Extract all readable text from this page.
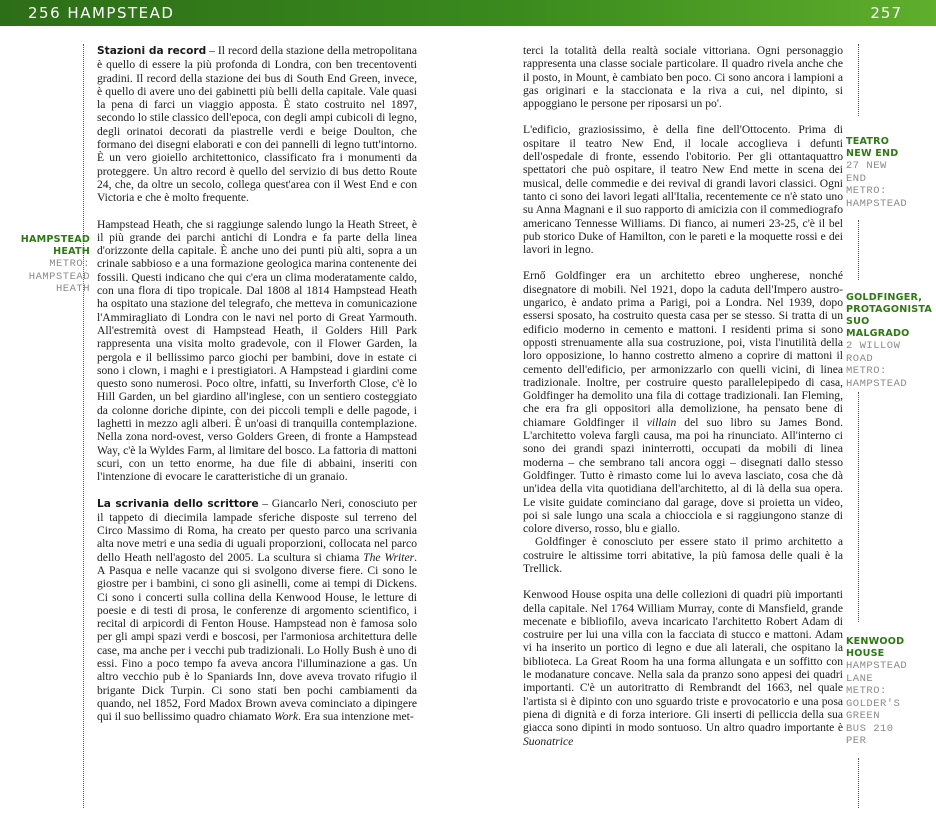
256 HAMPSTEAD	257
HAMPSTEAD
HEATH
METRO:
HAMPSTEAD
HEATH

Stazioni da record – Il record della stazione della metropolitana è quello di essere la più profonda di Londra, con ben trecentoventi gradini. Il record della stazione dei bus di South End Green, invece, è quello di avere uno dei gabinetti più belli della capitale. Vale quasi la pena di farci un viaggio apposta. È stato costruito nel 1897, secondo lo stile classico dell'epoca, con degli ampi cubicoli di legno, degli orinatoi decorati da piastrelle verdi e beige Doulton, che formano dei disegni elaborati e con dei pannelli di legno tutt'intorno. È un vero gioiello architettonico, classificato fra i monumenti da proteggere. Un altro record è quello del servizio di bus detto Route 24, che, da oltre un secolo, collega quest'area con il West End e con Victoria e che è molto frequente.

Hampstead Heath, che si raggiunge salendo lungo la Heath Street, è il più grande dei parchi antichi di Londra e fa parte della linea d'orizzonte della capitale. È anche uno dei punti più alti, sopra a un crinale sabbioso e a una formazione geologica marina contenente dei fossili. Questi indicano che qui c'era un clima moderatamente caldo, con una flora di tipo tropicale. Dal 1808 al 1814 Hampstead Heath ha ospitato una stazione del telegrafo, che metteva in comunicazione l'Ammiragliato di Londra con le navi nel porto di Great Yarmouth. All'estremità ovest di Hampstead Heath, il Golders Hill Park rappresenta una visita molto gradevole, con il Flower Garden, la pergola e il bellissimo parco giochi per bambini, dove in estate ci sono i clown, i maghi e i prestigiatori. A Hampstead i giardini come questo sono numerosi. Poco oltre, infatti, su Inverforth Close, c'è lo Hill Garden, un bel giardino all'inglese, con un sentiero costeggiato da colonne doriche dipinte, con dei piccoli templi e delle pagode, i laghetti in mezzo agli alberi. È un'oasi di tranquilla contemplazione. Nella zona nord-ovest, verso Golders Green, di fronte a Hampstead Way, c'è la Wyldes Farm, al limitare del bosco. La fattoria di mattoni scuri, con un tetto enorme, ha due file di abbaini, inseriti con l'intenzione di evocare le caratteristiche di un granaio.

La scrivania dello scrittore – Giancarlo Neri, conosciuto per il tappeto di diecimila lampade sferiche disposte sul terreno del Circo Massimo di Roma, ha creato per questo parco una scrivania alta nove metri e una sedia di uguali proporzioni, collocata nel parco dello Heath nell'agosto del 2005. La scultura si chiama The Writer. A Pasqua e nelle vacanze qui si svolgono diverse fiere. Ci sono le giostre per i bambini, ci sono gli asinelli, come ai tempi di Dickens. Ci sono i concerti sulla collina della Kenwood House, le letture di poesie e di testi di prosa, le conferenze di argomento scientifico, i recital di arpicordi di Fenton House. Hampstead non è famosa solo per gli ampi spazi verdi e boscosi, per l'armoniosa architettura delle case, ma anche per i vecchi pub tradizionali. Lo Holly Bush è uno di essi. Fino a poco tempo fa aveva ancora l'illuminazione a gas. Un altro vecchio pub è lo Spaniards Inn, dove aveva trovato rifugio il brigante Dick Turpin. Ci sono stati ben pochi cambiamenti da quando, nel 1852, Ford Madox Brown aveva cominciato a dipingere qui il suo bellissimo quadro chiamato Work. Era sua intenzione met-

terci la totalità della realtà sociale vittoriana. Ogni personaggio rappresenta una classe sociale particolare. Il quadro rivela anche che il posto, in Mount, è cambiato ben poco. Ci sono ancora i lampioni a gas originari e la staccionata e la riva a cui, nel dipinto, si appoggiano le persone per riposarsi un po'.

L'edificio, graziosissimo, è della fine dell'Ottocento. Prima di ospitare il teatro New End, il locale accoglieva i defunti dell'ospedale di fronte, essendo l'obitorio. Per gli ottantaquattro spettatori che può ospitare, il teatro New End mette in scena dei musical, delle commedie e dei revival di grandi lavori classici. Ogni tanto ci sono dei lavori legati all'Italia, recentemente ce n'è stato uno su Anna Magnani e il suo rapporto di amicizia con il commediografo americano Tennesse Williams. Di fianco, ai numeri 23-25, c'è il bel pub storico Duke of Hamilton, con le pareti e la moquette rossi e dei lavori in legno.

Ernő Goldfinger era un architetto ebreo ungherese, nonché disegnatore di mobili. Nel 1921, dopo la caduta dell'Impero austro-ungarico, è andato prima a Parigi, poi a Londra. Nel 1939, dopo essersi sposato, ha costruito questa casa per se stesso. Si tratta di un edificio moderno in cemento e mattoni. I residenti prima si sono opposti strenuamente alla sua costruzione, poi, vista l'inutilità della loro opposizione, lo hanno costretto almeno a coprire di mattoni il cemento dell'edificio, per armonizzarlo con quelli vicini, di linea tradizionale. Inoltre, per costruire questo parallelepipedo di casa, Goldfinger ha demolito una fila di cottage tradizionali. Ian Fleming, che era fra gli oppositori alla demolizione, ha pensato bene di chiamare Goldfinger il villain del suo libro su James Bond. L'architetto voleva fargli causa, ma poi ha rinunciato. All'interno ci sono dei grandi spazi ininterrotti, occupati da mobili di linea moderna – che sembrano tali ancora oggi – disegnati dallo stesso Goldfinger. Tutto è rimasto come lui lo aveva lasciato, cosa che dà un'idea della vita quotidiana dell'architetto, al di là della sua opera. Le visite guidate cominciano dal garage, dove si proietta un video, poi si sale lungo una scala a chiocciola e si raggiungono stanze di colore diverso, rosso, blu e giallo.

Goldfinger è conosciuto per essere stato il primo architetto a costruire le altissime torri abitative, la più famosa delle quali è la Trellick.

Kenwood House ospita una delle collezioni di quadri più importanti della capitale. Nel 1764 William Murray, conte di Mansfield, grande mecenate e bibliofilo, aveva incaricato l'architetto Robert Adam di costruire per lui una villa con la facciata di stucco e mattoni. Adam vi ha inserito un portico di legno e due ali laterali, che ospitano la biblioteca. La Great Room ha una forma allungata e un soffitto con le modanature concave. Nella sala da pranzo sono appesi dei quadri importanti. C'è un autoritratto di Rembrandt del 1663, nel quale l'artista si è dipinto con uno sguardo triste e provocatorio e una posa piena di dignità e di forza interiore. Gli inserti di pelliccia della sua giacca sono dipinti in modo sontuoso. Un altro quadro importante è Suonatrice

TEATRO
NEW END
27 NEW
END
METRO:
HAMPSTEAD
GOLDFINGER,
PROTAGONISTA
SUO MALGRADO
2 WILLOW
ROAD
METRO:
HAMPSTEAD
KENWOOD
HOUSE
HAMPSTEAD
LANE
METRO:
GOLDER'S
GREEN
BUS 210
PER
